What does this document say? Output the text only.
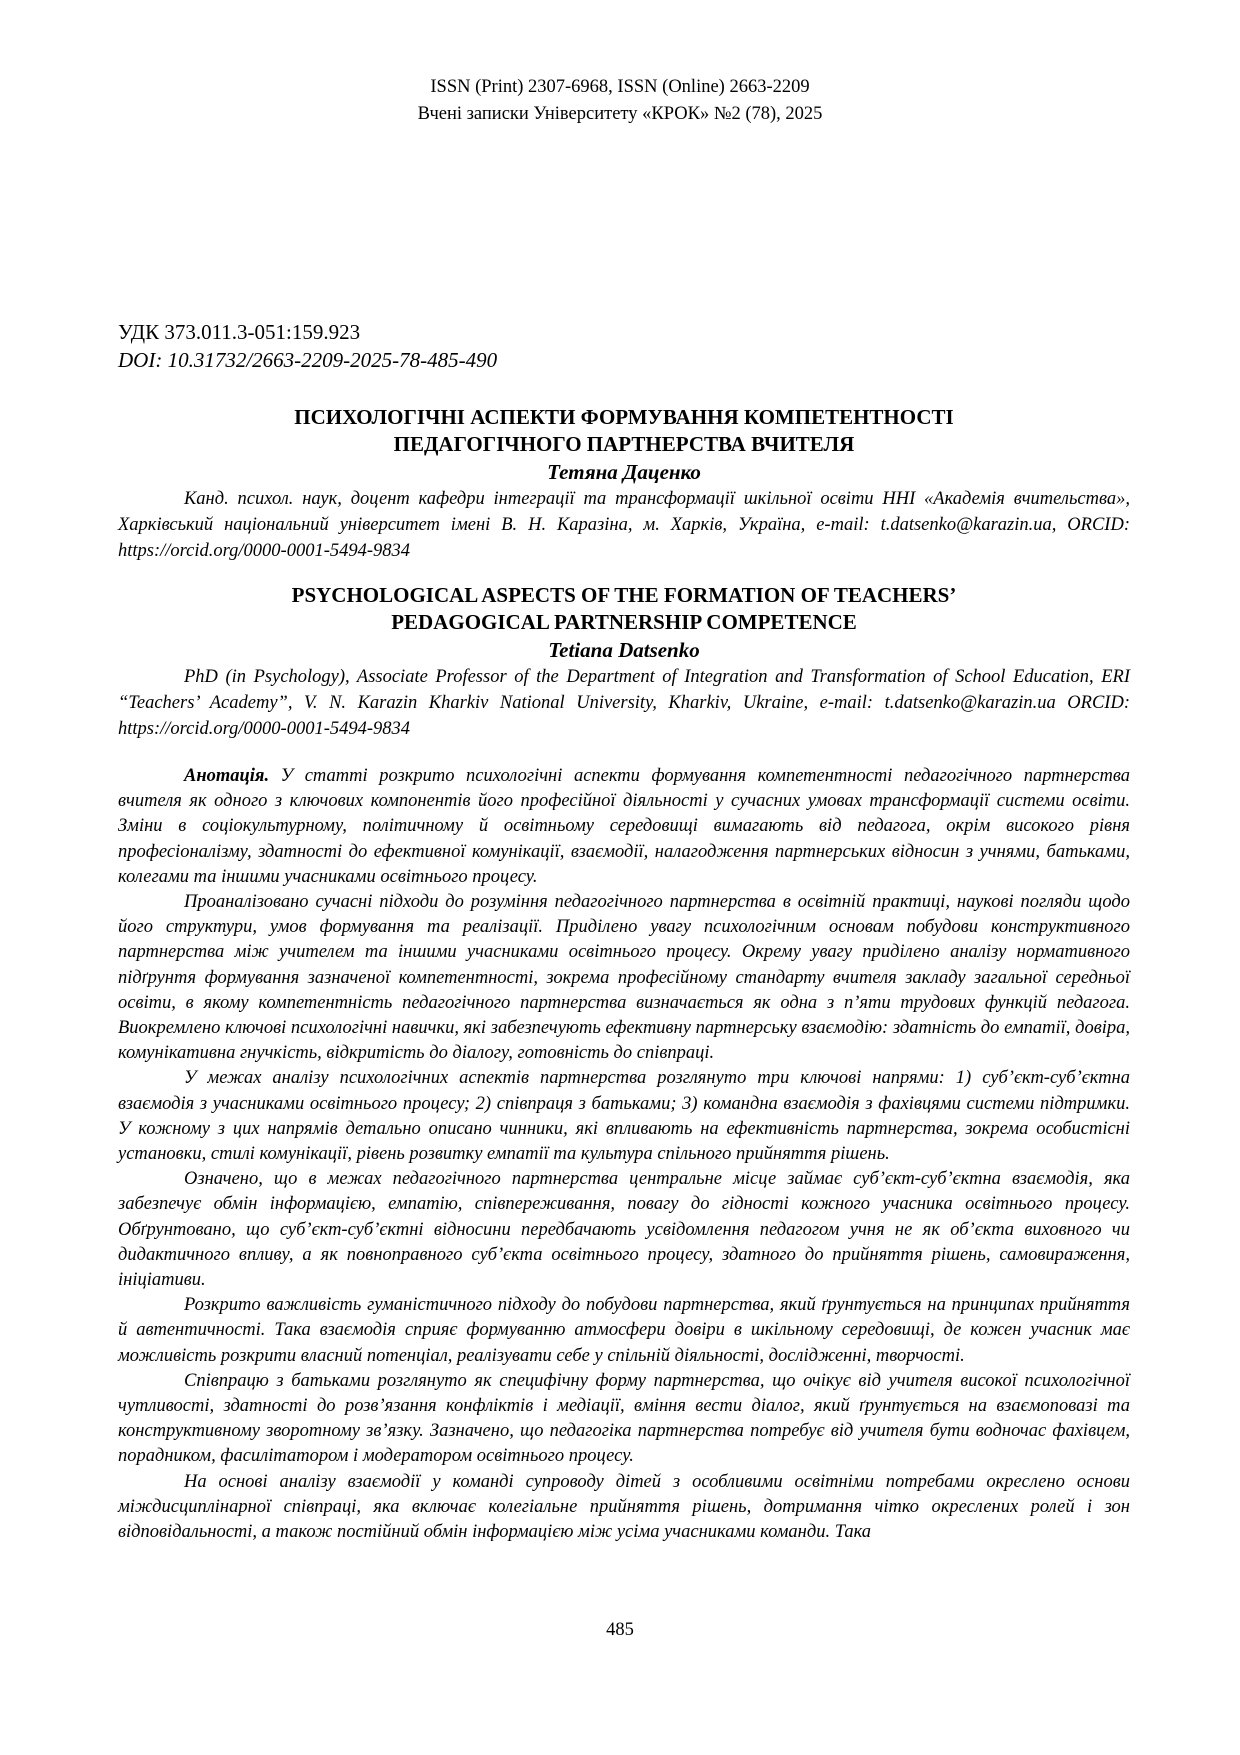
ISSN (Print) 2307-6968, ISSN (Online) 2663-2209
Вчені записки Університету «КРОК» №2 (78), 2025
УДК 373.011.3-051:159.923
DOI: 10.31732/2663-2209-2025-78-485-490
ПСИХОЛОГІЧНІ АСПЕКТИ ФОРМУВАННЯ КОМПЕТЕНТНОСТІ
ПЕДАГОГІЧНОГО ПАРТНЕРСТВА ВЧИТЕЛЯ
Тетяна Даценко

Канд. психол. наук, доцент кафедри інтеграції та трансформації шкільної освіти ННІ «Академія вчительства», Харківський національний університет імені В. Н. Каразіна, м. Харків, Україна, e-mail: t.datsenko@karazin.ua, ORCID: https://orcid.org/0000-0001-5494-9834

PSYCHOLOGICAL ASPECTS OF THE FORMATION OF TEACHERS’
PEDAGOGICAL PARTNERSHIP COMPETENCE
Tetiana Datsenko

PhD (in Psychology), Associate Professor of the Department of Integration and Transformation of School Education, ERI “Teachers’ Academy”, V. N. Karazin Kharkiv National University, Kharkiv, Ukraine, e-mail: t.datsenko@karazin.ua ORCID: https://orcid.org/0000-0001-5494-9834

Анотація. У статті розкрито психологічні аспекти формування компетентності педагогічного партнерства вчителя як одного з ключових компонентів його професійної діяльності у сучасних умовах трансформації системи освіти. Зміни в соціокультурному, політичному й освітньому середовищі вимагають від педагога, окрім високого рівня професіоналізму, здатності до ефективної комунікації, взаємодії, налагодження партнерських відносин з учнями, батьками, колегами та іншими учасниками освітнього процесу.

Проаналізовано сучасні підходи до розуміння педагогічного партнерства в освітній практиці, наукові погляди щодо його структури, умов формування та реалізації. Приділено увагу психологічним основам побудови конструктивного партнерства між учителем та іншими учасниками освітнього процесу. Окрему увагу приділено аналізу нормативного підґрунтя формування зазначеної компетентності, зокрема професійному стандарту вчителя закладу загальної середньої освіти, в якому компетентність педагогічного партнерства визначається як одна з п’яти трудових функцій педагога. Виокремлено ключові психологічні навички, які забезпечують ефективну партнерську взаємодію: здатність до емпатії, довіра, комунікативна гнучкість, відкритість до діалогу, готовність до співпраці.

У межах аналізу психологічних аспектів партнерства розглянуто три ключові напрями: 1) суб’єкт-суб’єктна взаємодія з учасниками освітнього процесу; 2) співпраця з батьками; 3) командна взаємодія з фахівцями системи підтримки. У кожному з цих напрямів детально описано чинники, які впливають на ефективність партнерства, зокрема особистісні установки, стилі комунікації, рівень розвитку емпатії та культура спільного прийняття рішень.

Означено, що в межах педагогічного партнерства центральне місце займає суб’єкт-суб’єктна взаємодія, яка забезпечує обмін інформацією, емпатію, співпереживання, повагу до гідності кожного учасника освітнього процесу. Обґрунтовано, що суб’єкт-суб’єктні відносини передбачають усвідомлення педагогом учня не як об’єкта виховного чи дидактичного впливу, а як повноправного суб’єкта освітнього процесу, здатного до прийняття рішень, самовираження, ініціативи.

Розкрито важливість гуманістичного підходу до побудови партнерства, який ґрунтується на принципах прийняття й автентичності. Така взаємодія сприяє формуванню атмосфери довіри в шкільному середовищі, де кожен учасник має можливість розкрити власний потенціал, реалізувати себе у спільній діяльності, дослідженні, творчості.

Співпрацю з батьками розглянуто як специфічну форму партнерства, що очікує від учителя високої психологічної чутливості, здатності до розв’язання конфліктів і медіації, вміння вести діалог, який ґрунтується на взаємоповазі та конструктивному зворотному зв’язку. Зазначено, що педагогіка партнерства потребує від учителя бути водночас фахівцем, порадником, фасилітатором і модератором освітнього процесу.

На основі аналізу взаємодії у команді супроводу дітей з особливими освітніми потребами окреслено основи міждисциплінарної співпраці, яка включає колегіальне прийняття рішень, дотримання чітко окреслених ролей і зон відповідальності, а також постійний обмін інформацією між усіма учасниками команди. Така

485
